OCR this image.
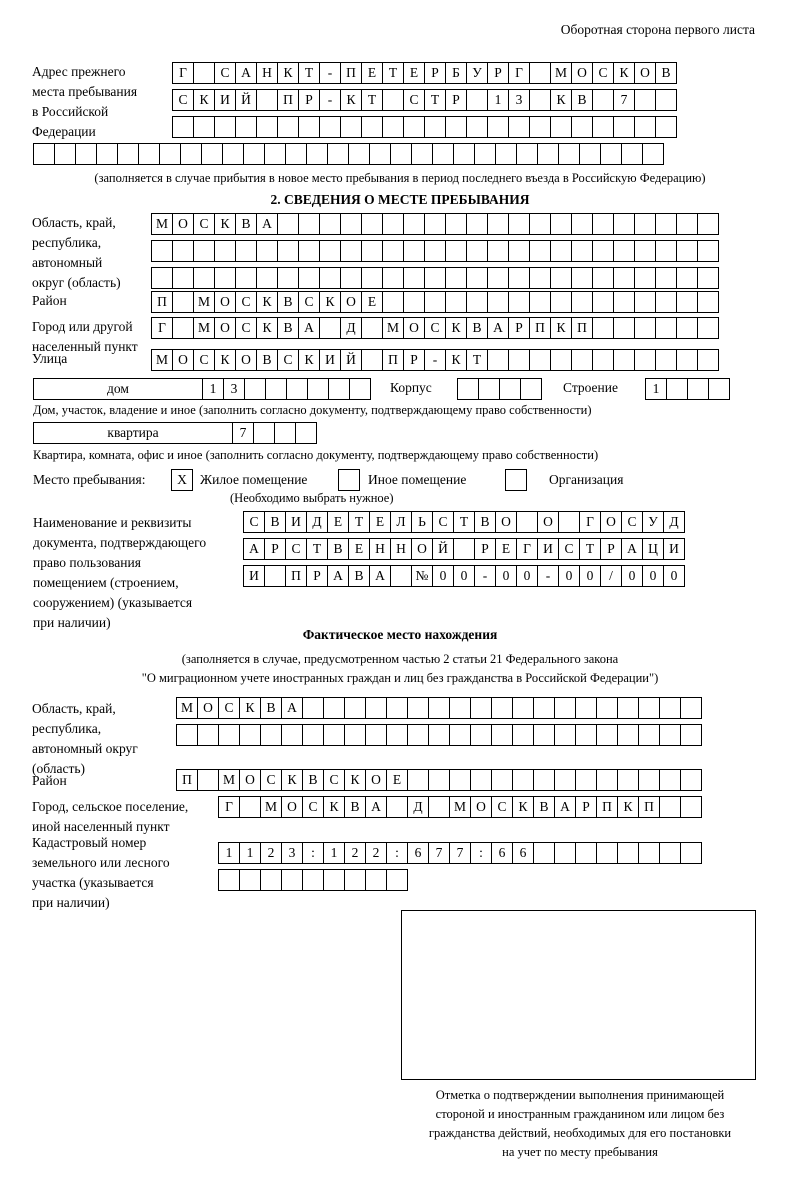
Оборотная сторона первого листа
Адрес прежнего
места пребывания
в Российской
Федерации
Г	С А Н К Т	-	П Е Т Е Р Б У Р Г	М О С К О В
С К И Й	П Р	-	К Т	С Т Р	1	3	К В	7
(заполняется в случае прибытия в новое место пребывания в период последнего въезда в Российскую Федерацию)
2. СВЕДЕНИЯ О МЕСТЕ ПРЕБЫВАНИЯ
Область, край,
республика,
автономный
округ (область)
М О С К В А
Район	П	М О С К В С К О Е
Город или другой
населенный пункт
Г	М О С К В А	Д	М О С К В А Р П К П
Улица	М О С К О В С К И Й	П Р	-	К Т
дом	1	3	Корпус	Строение	1
Дом, участок, владение и иное (заполнить согласно документу, подтверждающему право собственности)
квартира	7
Квартира, комната, офис и иное (заполнить согласно документу, подтверждающему право собственности)
Место пребывания:	X Жилое помещение	Иное помещение	Организация
(Необходимо выбрать нужное)
Наименование и реквизиты
документа, подтверждающего
право пользования
помещением (строением,
сооружением) (указывается
при наличии)
С В И Д Е Т Е Л Ь С Т В О	О	Г О С У Д
А Р С Т В Е Н Н О Й	Р Е Г И С Т Р А Ц И
И	П Р А В А	№ 0	0	-	0	0	-	0	0	/	0	0	0
Фактическое место нахождения
(заполняется в случае, предусмотренном частью 2 статьи 21 Федерального закона
"О миграционном учете иностранных граждан и лиц без гражданства в Российской Федерации")
Область, край,
республика,
автономный округ
(область)
М О С К В А
Район	П	М О С К В С К О Е
Город, сельское поселение,
иной населенный пункт
Г	М О С К В А	Д	М О С К В А Р П К П
Кадастровый номер
земельного или лесного
участка (указывается
при наличии)
1	1	2	3	:	1	2	2	:	6	7	7	:	6	6
Отметка о подтверждении выполнения принимающей
стороной и иностранным гражданином или лицом без
гражданства действий, необходимых для его постановки
на учет по месту пребывания
